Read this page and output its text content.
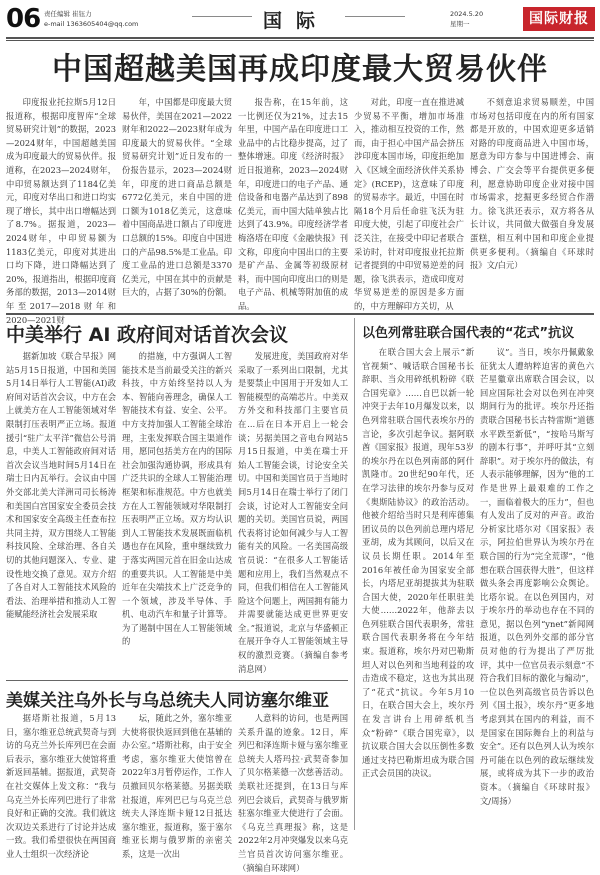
06 责任编辑 崔钰力
e-mail 1363605404@qq.com	国际	2024.5.20
星期一	国际财报
中国超越美国再成印度最大贸易伙伴

印度报业托拉斯5月12日报道称，根据印度智库“全球贸易研究计划”的数据，2023—2024财年，中国超越美国成为印度最大的贸易伙伴。报道称，在2023—2024财年，中印贸易额达到了1184亿美元，印度对华出口和进口均实现了增长，其中出口增幅达到了8.7%。据报道，2023—2024财年，中印贸易额为1183亿美元，印度对其进出口均下降，进口降幅达到了20%，报道指出，根据印度商务部的数据，2013—2014财年至2017—2018财年和2020—2021财

年，中国都是印度最大贸易伙伴，美国在2021—2022财年和2022—2023财年成为印度最大的贸易伙伴。“全球贸易研究计划”近日发布的一份报告显示，2023—2024财年，印度的进口商品总额是6772亿美元，来自中国的进口额为1018亿美元，这意味着中国商品进口额占了印度进口总额的15%。印度自中国进口的产品98.5%是工业品。印度工业品的进口总额是3370亿美元，中国在其中的贡献是巨大的，占据了30%的份额。

报告称，在15年前，这一比例还仅为21%，过去15年里，中国产品在印度进口工业品中的占比稳步提高，过了整体增速。印度《经济时报》近日报道称，2023—2024财年，印度进口的电子产品、通信设备和电器产品达到了898亿美元，而中国大陆单独占比达到了43.9%。印度经济学者梅洛塔在印度《金融快报》刊文称，印度向中国出口的主要是矿产品、金属等初级原材料，而中国向印度出口的则是电子产品、机械等附加值的成品。

对此，印度一直在推进减少贸易不平衡，增加市场准入，推动相互投资的工作，然而，由于担心中国产品会挤压涉印度本国市场，印度拒绝加入《区域全面经济伙伴关系协定》(RCEP)，这意味了印度的贸易赤字。最近，中国在时隔18个月后任命驻飞沃为驻印度大使，引起了印度社会广泛关注，在接受中印记者联合采访时，针对印度报业托拉斯记者提到的中印贸易逆差的问题，徐飞洪表示，造成印度对华贸易逆差的原因是多方面的，中方理解印方关切，从

不刻意追求贸易顺差，中国市场对包括印度在内的所有国家都是开放的，中国欢迎更多适销对路的印度商品进入中国市场，愿意为印方参与中国进博会、南博会、广交会等平台提供更多便利，愿意协助印度企业对接中国市场需求，挖掘更多经贸合作潜力。徐飞洪还表示，双方将各从长计议，共同做大做强自身发展蛋糕，相互利中国和印度企业提供更多便利。（摘编自《环球时报》文/白元）

中美举行 AI 政府间对话首次会议

据新加坡《联合早报》网站5月15日报道，中国和美国5月14日举行人工智能(AI)政府间对话首次会议，中方在会上就美方在人工智能领域对华限制打压表明严正立场。报道援引“驻广太平洋”微信公号消息，中美人工智能政府间对话首次会议当地时间5月14日在瑞士日内瓦举行。会议由中国外交部北美大洋洲司司长杨涛和美国白宫国家安全委员会技术和国家安全高级主任查布拉共同主持，双方围绕人工智能科技风险、全球治理、各自关切的其他问题深入、专业、建设性地交换了意见。双方介绍了各自对人工智能技术风险的看法、治理举措和推动人工智能赋能经济社会发展采取

的措施，中方强调人工智能技术是当前最受关注的新兴科技，中方始终坚持以人为本、智能向善理念，确保人工智能技术有益、安全、公平。中方支持加强人工智能全球治理，主张发挥联合国主渠道作用，愿同包括美方在内的国际社会加强沟通协调，形成具有广泛共识的全球人工智能治理框架和标准规范。中方也就美方在人工智能领域对华限制打压表明严正立场。双方均认识到人工智能技术发展既面临机遇也存在风险，重申继续致力于落实两国元首在旧金山达成的重要共识。人工智能是中美近年在尖端技术上广泛竞争的一个领域，涉及半导体、手机、电动汽车和量子计算等。为了遏制中国在人工智能领域的

发展进度，美国政府对华采取了一系列出口限制，尤其是要禁止中国用于开发如人工智能模型的高端芯片。中美双方外交和科技部门主要官员在...后在日本开启上一轮会谈；另据美国之音电台网站5月15日报道，中美在瑞士开始人工智能会谈，讨论安全关切。中国和美国官员于当地时间5月14日在瑞士举行了闭门会谈，讨论对人工智能安全问题的关切。美国官员说，两国代表将讨论如何减少与人工智能有关的风险。一名美国高级官员说：“在很多人工智能话题和应用上，我们当然观点不同，但我们相信在人工智能风险这个问题上，两国拥有能力并需要就能达成更世界更安全。”报道说，北京与华盛顿正在展开争夺人工智能领域主导权的激烈竞赛。（摘编自参考消息网）

美媒关注乌外长与乌总统夫人同访塞尔维亚

据塔斯社报道，5月13日，塞尔维亚总统武契奇与到访的乌克兰外长库列巴在会面后表示，塞尔维亚大使馆将重新返回基辅。据报道，武契奇在社交媒体上发文称：“我与乌克兰外长库列巴进行了非常良好和正确的交流。我们就这次双边关系进行了讨论并达成一致。我们希望很快在两国商业人士组织一次经济论

坛，随此之外，塞尔维亚大使将很快返回到他在基辅的办公室。”塔斯社称，由于安全考虑，塞尔维亚大使馆曾在2022年3月暂停运作，工作人员撤回贝尔格莱德。另据美联社报道，库列巴已与乌克兰总统夫人泽连斯卡娅12日抵达塞尔维亚，报道称，鉴于塞尔维亚长期与俄罗斯的亲密关系，这是一次出

人意料的访问，也是两国关系升温的迹象。12日，库列巴和泽连斯卡娅与塞尔维亚总统夫人塔玛拉·武契奇参加了贝尔格莱德一次慈善活动。美联社还提到，在13日与库列巴会谈后，武契奇与俄罗斯驻塞尔维亚大使进行了会面。《乌克兰真理报》称，这是2022年2月冲突爆发以来乌克兰官员首次访问塞尔维亚。（摘编自环球网）

以色列常驻联合国代表的“花式”抗议

在联合国大会上展示“新官视频”、喊话联合国秘书长辞职、当众用碎纸机粉碎《联合国宪章》……自巴以新一轮冲突于去年10月爆发以来，以色列常驻联合国代表埃尔丹的言论，多次引起争议。据阿联酋《国家报》报道，现年53岁的埃尔丹在以色列南部的阿什凯隆市。20世纪90年代，还在学习法律的埃尔丹参与反对《奥斯陆协议》的政治活动。他被介绍给当时只是利库德集团议员的以色列前总理内塔尼亚胡，成为其顾问，以后又在议员长期任职。2014年至2016年被任命为国家安全部长，内塔尼亚胡提拔其为驻联合国大使，2020年任职驻美大使……2022年，他辞去以色列驻联合国代表职务，常驻联合国代表职务将在今年结束。报道称，埃尔丹对巴勒斯坦人对以色列和当地利益的攻击造成不稳定，这也为其出现了“花式”抗议。今年5月10日，在联合国大会上，埃尔丹在发言讲台上用碎纸机当众“粉碎”《联合国宪章》，以抗议联合国大会以压倒性多数通过支持巴勒斯坦成为联合国正式会员国的决议。

议”。当日，埃尔丹佩戴象征犹太人遭纳粹迫害的黄色六芒星徽章出席联合国会议，以回应国际社会对以色列在冲突期间行为的批评。埃尔丹还指责联合国秘书长古特雷斯“道德水平跌至新低”，“按哈马斯写的剧本行事”，并呼吁其“立刻辞职”。对于埃尔丹的做法，有人表示能够理解，因为“他的工作是世界上最艰难的工作之一，面临着极大的压力”，但也有人发出了反对的声音。政治分析家比塔尔对《国家报》表示，阿拉伯世界认为埃尔丹在联合国的行为“完全荒谬”，“他想在联合国获得大胜”，但这样做头条会再度影响公众舆论。比塔尔说。在以色列国内，对于埃尔丹的举动也存在不同的意见，据以色列“ynet”新闻网报道，以色列外交部的部分官员对他的行为提出了严厉批评，其中一位官员表示刻意“不符合我们目标的激化与煽动”，一位以色列高级官员告诉以色列《国土报》，埃尔丹“更多地考虑到其在国内的利益，而不是国家在国际舞台上的利益与安全”。还有以色列人认为埃尔丹可能在以色列的政坛继续发展，或将成为其下一步的政治资本。（摘编自《环球时报》文/周扬）
